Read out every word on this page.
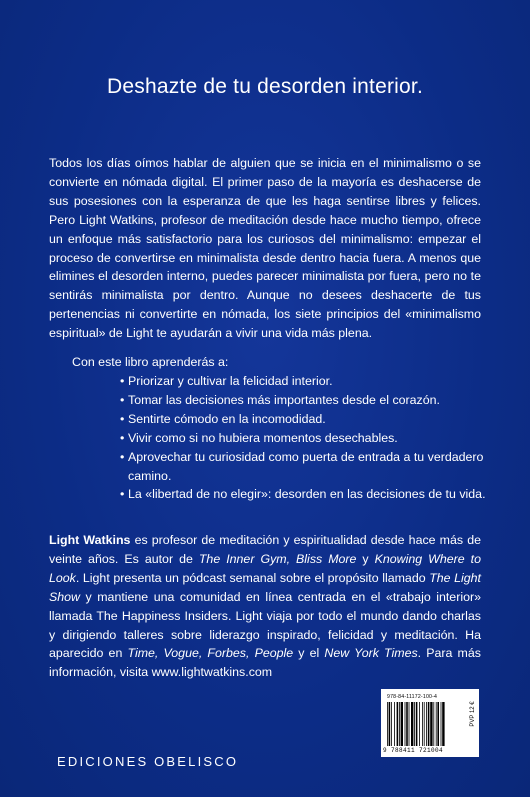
Deshazte de tu desorden interior.

Todos los días oímos hablar de alguien que se inicia en el minimalismo o se convierte en nómada digital. El primer paso de la mayoría es deshacerse de sus posesiones con la esperanza de que les haga sentirse libres y felices. Pero Light Watkins, profesor de meditación desde hace mucho tiempo, ofrece un enfoque más satisfactorio para los curiosos del minimalismo: empezar el proceso de convertirse en minimalista desde dentro hacia fuera. A menos que elimines el desorden interno, puedes parecer minimalista por fuera, pero no te sentirás minimalista por dentro. Aunque no desees deshacerte de tus pertenencias ni convertirte en nómada, los siete principios del «minimalismo espiritual» de Light te ayudarán a vivir una vida más plena.

Con este libro aprenderás a:
• Priorizar y cultivar la felicidad interior.
• Tomar las decisiones más importantes desde el corazón.
• Sentirte cómodo en la incomodidad.
• Vivir como si no hubiera momentos desechables.
• Aprovechar tu curiosidad como puerta de entrada a tu verdadero camino.
• La «libertad de no elegir»: desorden en las decisiones de tu vida.

Light Watkins es profesor de meditación y espiritualidad desde hace más de veinte años. Es autor de The Inner Gym, Bliss More y Knowing Where to Look. Light presenta un pódcast semanal sobre el propósito llamado The Light Show y mantiene una comunidad en línea centrada en el «trabajo interior» llamada The Happiness Insiders. Light viaja por todo el mundo dando charlas y dirigiendo talleres sobre liderazgo inspirado, felicidad y meditación. Ha aparecido en Time, Vogue, Forbes, People y el New York Times. Para más información, visita www.lightwatkins.com

EDICIONES OBELISCO
978-84-11172-100-4
9 788411 721004
PVP 12 €
